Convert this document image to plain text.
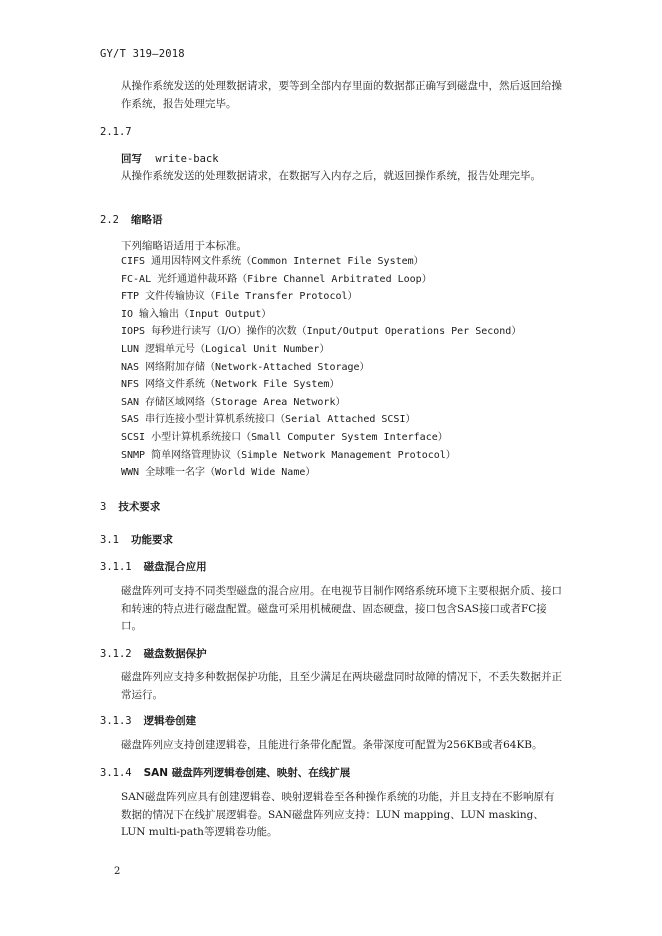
GY/T 319—2018
从操作系统发送的处理数据请求，要等到全部内存里面的数据都正确写到磁盘中，然后返回给操作系统，报告处理完毕。
2.1.7
回写 write-back
从操作系统发送的处理数据请求，在数据写入内存之后，就返回操作系统，报告处理完毕。
2.2 缩略语
下列缩略语适用于本标准。
CIFS 通用因特网文件系统（Common Internet File System）
FC-AL 光纤通道仲裁环路（Fibre Channel Arbitrated Loop）
FTP 文件传输协议（File Transfer Protocol）
IO 输入输出（Input Output）
IOPS 每秒进行读写（I/O）操作的次数（Input/Output Operations Per Second）
LUN 逻辑单元号（Logical Unit Number）
NAS 网络附加存储（Network-Attached Storage）
NFS 网络文件系统（Network File System）
SAN 存储区域网络（Storage Area Network）
SAS 串行连接小型计算机系统接口（Serial Attached SCSI）
SCSI 小型计算机系统接口（Small Computer System Interface）
SNMP 简单网络管理协议（Simple Network Management Protocol）
WWN 全球唯一名字（World Wide Name）
3 技术要求
3.1 功能要求
3.1.1 磁盘混合应用
磁盘阵列可支持不同类型磁盘的混合应用。在电视节目制作网络系统环境下主要根据介质、接口和转速的特点进行磁盘配置。磁盘可采用机械硬盘、固态硬盘，接口包含SAS接口或者FC接口。
3.1.2 磁盘数据保护
磁盘阵列应支持多种数据保护功能，且至少满足在两块磁盘同时故障的情况下，不丢失数据并正常运行。
3.1.3 逻辑卷创建
磁盘阵列应支持创建逻辑卷，且能进行条带化配置。条带深度可配置为256KB或者64KB。
3.1.4 SAN 磁盘阵列逻辑卷创建、映射、在线扩展
SAN磁盘阵列应具有创建逻辑卷、映射逻辑卷至各种操作系统的功能，并且支持在不影响原有数据的情况下在线扩展逻辑卷。SAN磁盘阵列应支持：LUN mapping、LUN masking、LUN multi-path等逻辑卷功能。
2
